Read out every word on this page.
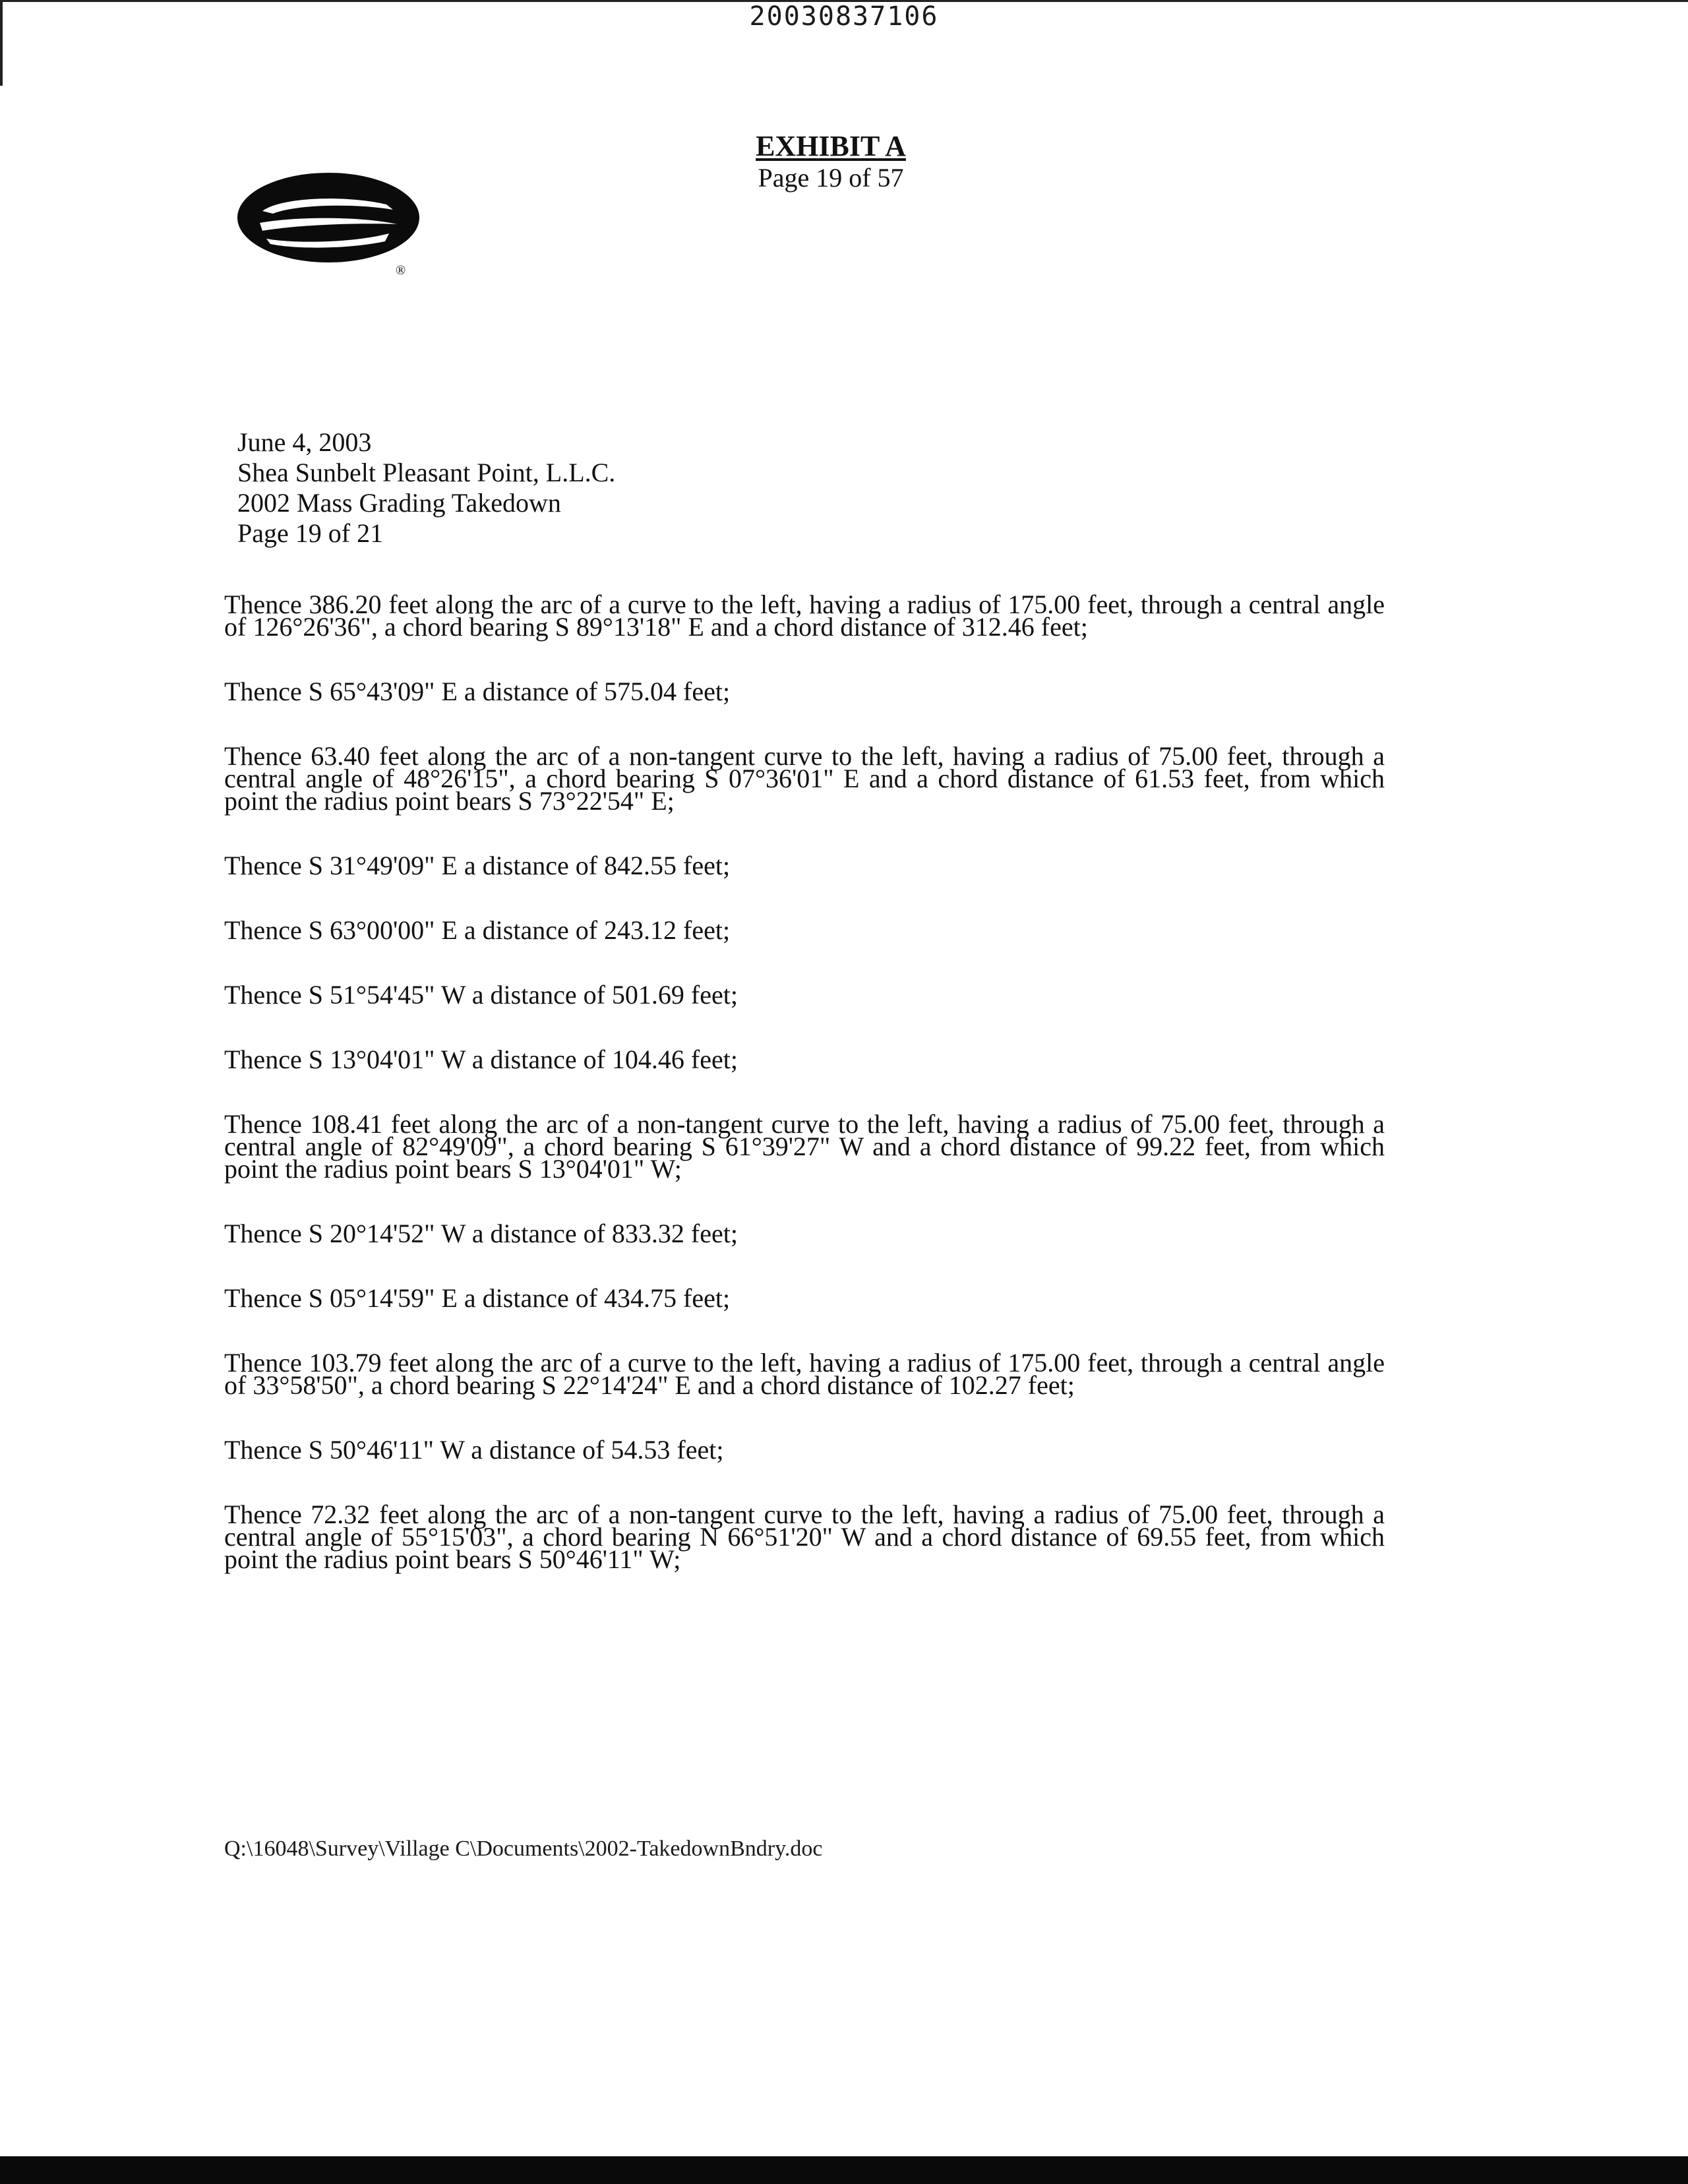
20030837106
EXHIBIT A
Page 19 of 57
®
June 4, 2003
Shea Sunbelt Pleasant Point, L.L.C.
2002 Mass Grading Takedown
Page 19 of 21

Thence 386.20 feet along the arc of a curve to the left, having a radius of 175.00 feet, through a central angle of 126°26'36", a chord bearing S 89°13'18" E and a chord distance of 312.46 feet;

Thence S 65°43'09" E a distance of 575.04 feet;

Thence 63.40 feet along the arc of a non-tangent curve to the left, having a radius of 75.00 feet, through a central angle of 48°26'15", a chord bearing S 07°36'01" E and a chord distance of 61.53 feet, from which point the radius point bears S 73°22'54" E;

Thence S 31°49'09" E a distance of 842.55 feet;

Thence S 63°00'00" E a distance of 243.12 feet;

Thence S 51°54'45" W a distance of 501.69 feet;

Thence S 13°04'01" W a distance of 104.46 feet;

Thence 108.41 feet along the arc of a non-tangent curve to the left, having a radius of 75.00 feet, through a central angle of 82°49'09", a chord bearing S 61°39'27" W and a chord distance of 99.22 feet, from which point the radius point bears S 13°04'01" W;

Thence S 20°14'52" W a distance of 833.32 feet;

Thence S 05°14'59" E a distance of 434.75 feet;

Thence 103.79 feet along the arc of a curve to the left, having a radius of 175.00 feet, through a central angle of 33°58'50", a chord bearing S 22°14'24" E and a chord distance of 102.27 feet;

Thence S 50°46'11" W a distance of 54.53 feet;

Thence 72.32 feet along the arc of a non-tangent curve to the left, having a radius of 75.00 feet, through a central angle of 55°15'03", a chord bearing N 66°51'20" W and a chord distance of 69.55 feet, from which point the radius point bears S 50°46'11" W;

Q:\16048\Survey\Village C\Documents\2002-TakedownBndry.doc
